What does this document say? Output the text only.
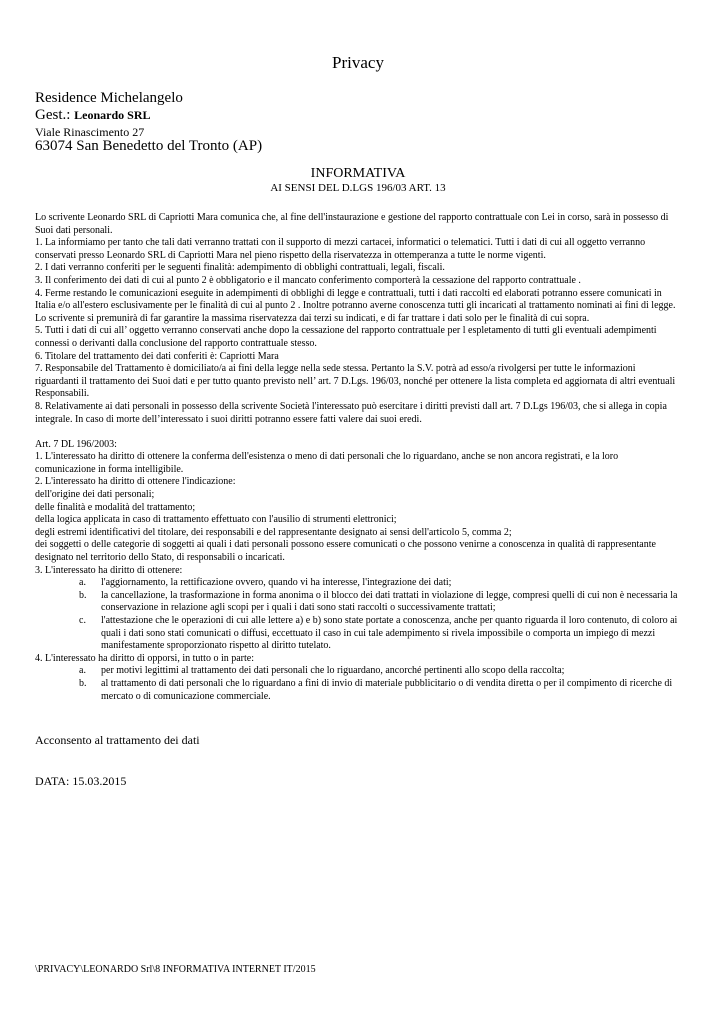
Privacy
Residence Michelangelo
Gest.: Leonardo SRL
Viale Rinascimento 27
63074 San Benedetto del Tronto (AP)
INFORMATIVA
AI SENSI DEL D.LGS 196/03 ART. 13

Lo scrivente Leonardo SRL di Capriotti Mara comunica che, al fine dell'instaurazione e gestione del rapporto contrattuale con Lei in corso, sarà in possesso di Suoi dati personali.

1. La informiamo per tanto che tali dati verranno trattati con il supporto di mezzi cartacei, informatici o telematici. Tutti i dati di cui all oggetto verranno conservati presso Leonardo SRL di Capriotti Mara nel pieno rispetto della riservatezza in ottemperanza a tutte le norme vigenti.

2. I dati verranno conferiti per le seguenti finalità: adempimento di obblighi contrattuali, legali, fiscali.

3. Il conferimento dei dati di cui al punto 2 è obbligatorio e il mancato conferimento comporterà la cessazione del rapporto contrattuale .

4. Ferme restando le comunicazioni eseguite in adempimenti di obblighi di legge e contrattuali, tutti i dati raccolti ed elaborati potranno essere comunicati in Italia e/o all'estero esclusivamente per le finalità di cui al punto 2 . Inoltre potranno averne conoscenza tutti gli incaricati al trattamento nominati ai fini di legge. Lo scrivente si premunirà di far garantire la massima riservatezza dai terzi su indicati, e di far trattare i dati solo per le finalità di cui sopra.

5. Tutti i dati di cui all’ oggetto verranno conservati anche dopo la cessazione del rapporto contrattuale per l espletamento di tutti gli eventuali adempimenti connessi o derivanti dalla conclusione del rapporto contrattuale stesso.

6. Titolare del trattamento dei dati conferiti è: Capriotti Mara

7. Responsabile del Trattamento è domiciliato/a ai fini della legge nella sede stessa. Pertanto la S.V. potrà ad esso/a rivolgersi per tutte le informazioni riguardanti il trattamento dei Suoi dati e per tutto quanto previsto nell’ art. 7 D.Lgs. 196/03, nonché per ottenere la lista completa ed aggiornata di altri eventuali Responsabili.

8. Relativamente ai dati personali in possesso della scrivente Società l'interessato può esercitare i diritti previsti dall art. 7 D.Lgs 196/03, che si allega in copia integrale. In caso di morte dell’interessato i suoi diritti potranno essere fatti valere dai suoi eredi.

Art. 7 DL 196/2003:

1. L'interessato ha diritto di ottenere la conferma dell'esistenza o meno di dati personali che lo riguardano, anche se non ancora registrati, e la loro comunicazione in forma intelligibile.

2. L'interessato ha diritto di ottenere l'indicazione:

dell'origine dei dati personali;

delle finalità e modalità del trattamento;

della logica applicata in caso di trattamento effettuato con l'ausilio di strumenti elettronici;

degli estremi identificativi del titolare, dei responsabili e del rappresentante designato ai sensi dell'articolo 5, comma 2;

dei soggetti o delle categorie di soggetti ai quali i dati personali possono essere comunicati o che possono venirne a conoscenza in qualità di rappresentante designato nel territorio dello Stato, di responsabili o incaricati.

3. L'interessato ha diritto di ottenere:

a. l'aggiornamento, la rettificazione ovvero, quando vi ha interesse, l'integrazione dei dati;
b. la cancellazione, la trasformazione in forma anonima o il blocco dei dati trattati in violazione di legge, compresi quelli di cui non è necessaria la conservazione in relazione agli scopi per i quali i dati sono stati raccolti o successivamente trattati;
c. l'attestazione che le operazioni di cui alle lettere a) e b) sono state portate a conoscenza, anche per quanto riguarda il loro contenuto, di coloro ai quali i dati sono stati comunicati o diffusi, eccettuato il caso in cui tale adempimento si rivela impossibile o comporta un impiego di mezzi manifestamente sproporzionato rispetto al diritto tutelato.

4. L'interessato ha diritto di opporsi, in tutto o in parte:

a. per motivi legittimi al trattamento dei dati personali che lo riguardano, ancorché pertinenti allo scopo della raccolta;
b. al trattamento di dati personali che lo riguardano a fini di invio di materiale pubblicitario o di vendita diretta o per il compimento di ricerche di mercato o di comunicazione commerciale.
Acconsento al trattamento dei dati
DATA: 15.03.2015
\PRIVACY\LEONARDO Srl\8 INFORMATIVA INTERNET IT/2015
